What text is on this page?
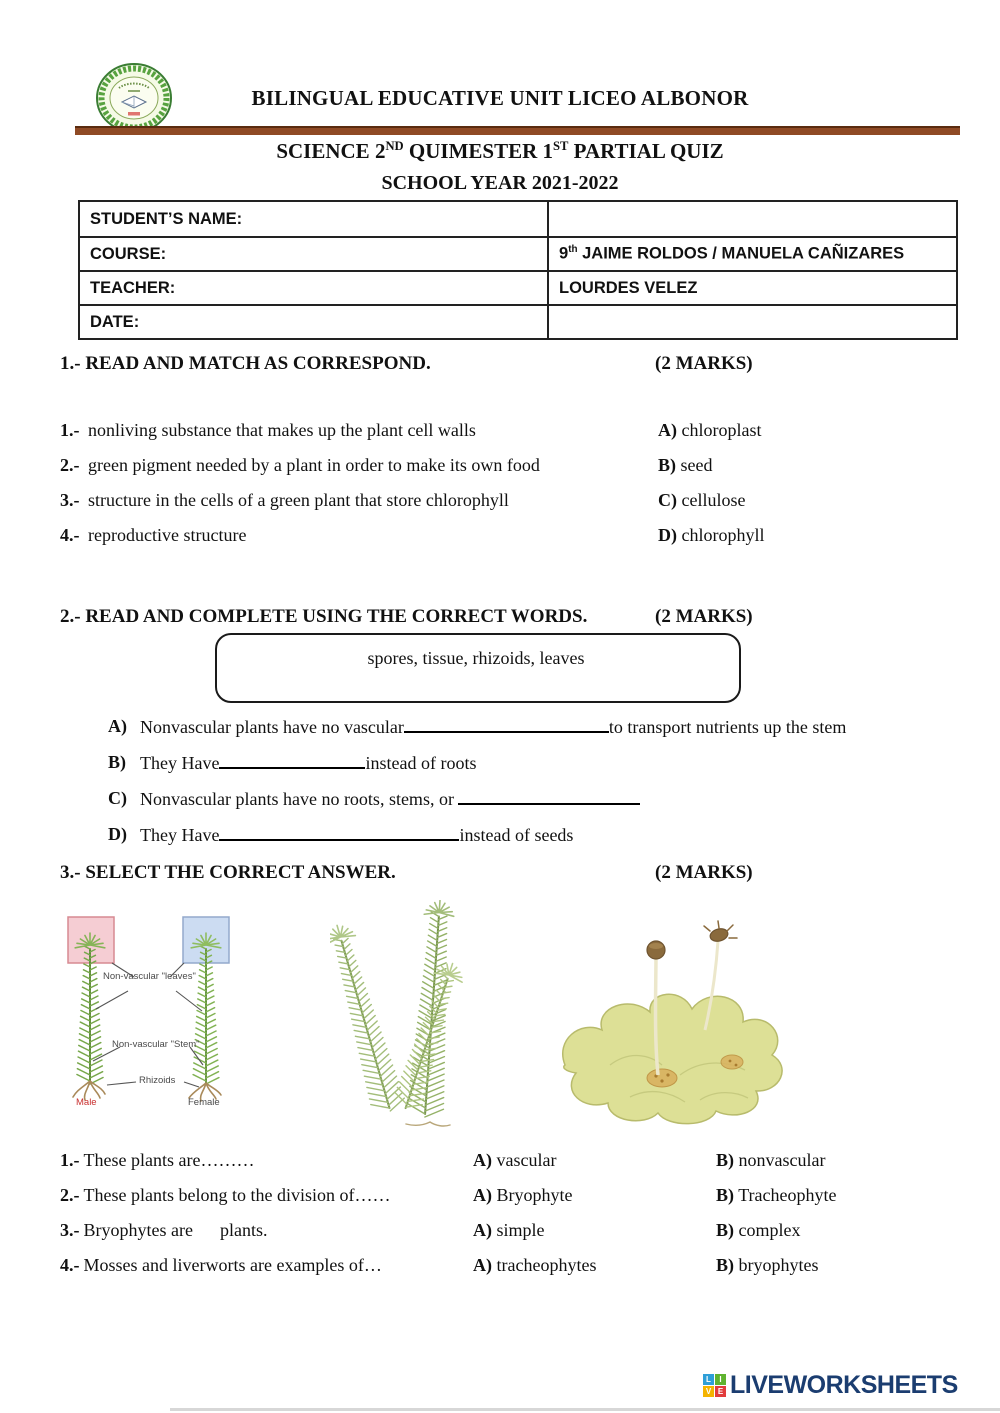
BILINGUAL EDUCATIVE UNIT LICEO ALBONOR
SCIENCE 2ND QUIMESTER 1ST PARTIAL QUIZ
SCHOOL YEAR 2021-2022
STUDENT’S NAME:	
COURSE:	9th JAIME ROLDOS / MANUELA CAÑIZARES
TEACHER:	LOURDES VELEZ
DATE:	
1.- READ AND MATCH AS CORRESPOND.	(2 MARKS)
1.- nonliving substance that makes up the plant cell walls	A) chloroplast
2.- green pigment needed by a plant in order to make its own food	B) seed
3.- structure in the cells of a green plant that store chlorophyll	C) cellulose
4.- reproductive structure	D) chlorophyll
2.- READ AND COMPLETE USING THE CORRECT WORDS.	(2 MARKS)
spores, tissue, rhizoids, leaves
A) Nonvascular plants have no vascular	to transport nutrients up the stem
B) They Have	instead of roots
C) Nonvascular plants have no roots, stems, or
D) They Have	instead of seeds
3.- SELECT THE CORRECT ANSWER.	(2 MARKS)
Non-vascular "leaves"
Non-vascular "Stem"
Rhizoids
Male	Female
1.- These plants are………	A) vascular	B) nonvascular
2.- These plants belong to the division of……	A) Bryophyte	B) Tracheophyte
3.- Bryophytes are      plants.	A) simple	B) complex
4.- Mosses and liverworts are examples of…	A) tracheophytes	B) bryophytes
L	I
V E LIVEWORKSHEETS
